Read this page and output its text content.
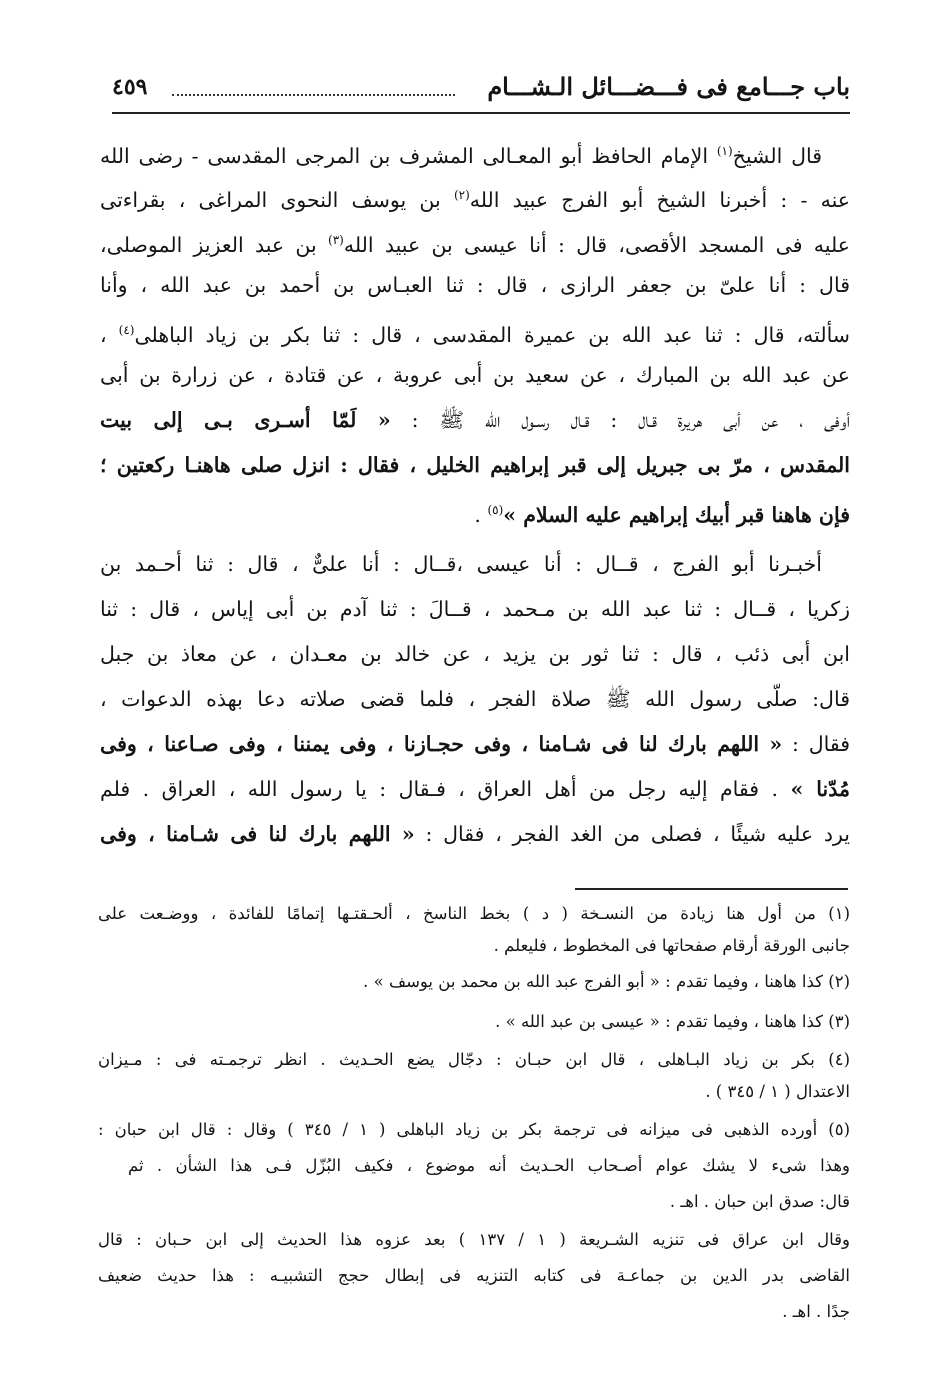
باب جـــامع فى فـــضـــائل الـشـــام
٤٥٩
قال الشيخ$^{(١)}$ الإمام الحافظ أبو المعـالى المشرف بن المرجى المقدسى - رضى الله
عنه - : أخبرنا الشيخ أبو الفرج عبيد الله$^{(٢)}$ بن يوسف النحوى المراغى ، بقراءتى
عليه فى المسجد الأقصى، قال : أنا عيسى بن عبيد الله$^{(٣)}$ بن عبد العزيز الموصلى،
قال : أنا علىّ بن جعفر الرازى ، قال : ثنا العبـاس بن أحمد بن عبد الله ، وأنا
سألته، قال : ثنا عبد الله بن عميرة المقدسى ، قال : ثنا بكر بن زياد الباهلى$^{(٤)}$ ،
عن عبد الله بن المبارك ، عن سعيد بن أبى عروبة ، عن قتادة ، عن زرارة بن أبى
أوفى ، عن أبى هريرة قـال : قـال رسـول الله ﷺ : « لَمّا أسـرى بـى إلى بيت
المقدس ، مرّ بى جبريل إلى قبر إبراهيم الخليل ، فقال : انزل صلى هاهنـا ركعتين ؛
فإن هاهنا قبر أبيك إبراهيم عليه السلام »$^{(٥)}$ .
أخبـرنا أبو الفرج ، قــال : أنا عيسى ،قــال : أنا علىٌّ ، قال : ثنا أحـمد بن
زكريا ، قــال : ثنا عبد الله بن مـحمد ، قــالَ : ثنا آدم بن أبى إياس ، قال : ثنا
ابن أبى ذئب ، قال : ثنا ثور بن يزيد ، عن خالد بن معـدان ، عن معاذ بن جبل
قال: صلّى رسول الله ﷺ صلاة الفجر ، فلما قضى صلاته دعا بهذه الدعوات ،
فقال : « اللهم بارك لنا فى شـامنا ، وفى حجـازنا ، وفى يمننا ، وفى صـاعنا ، وفى
مُدّنا » . فقام إليه رجل من أهل العراق ، فـقال : يا رسول الله ، العراق . فلم
يرد عليه شيئًا ، فصلى من الغد الفجر ، فقال : « اللهم بارك لنا فى شـامنا ، وفى
(١) من أول هنا زيادة من النسـخة ( د ) بخط الناسخ ، ألحـقتـها إتمامًا للفائدة ، ووضـعت على
جانبى الورقة أرقام صفحاتها فى المخطوط ، فليعلم .
(٢) كذا هاهنا ، وفيما تقدم : « أبو الفرج عبد الله بن محمد بن يوسف » .
(٣) كذا هاهنا ، وفيما تقدم : « عيسى بن عبد الله » .
(٤) بكر بن زياد البـاهلى ، قال ابن حبـان : دجّال يضع الحـديث . انظر ترجمـته فى : مـيزان
الاعتدال ( ١ / ٣٤٥ ) .
(٥) أورده الذهبى فى ميزانه فى ترجمة بكر بن زياد الباهلى ( ١ / ٣٤٥ ) وقال : قال ابن حبان :
وهذا شىء لا يشك عوام أصـحاب الحـديث أنه موضوع ، فكيف البُزّل فـى هذا الشأن . ثم
قال: صدق ابن حبان . اهـ .
وقال ابن عراق فى تنزيه الشـريعة ( ١ / ١٣٧ ) بعد عزوه هذا الحديث إلى ابن حـبان : قال
القاضى بدر الدين بن جماعـة فى كتابه التنزيه فى إبطال حجج التشبيـه : هذا حديث ضعيف
جدًا . اهـ .
